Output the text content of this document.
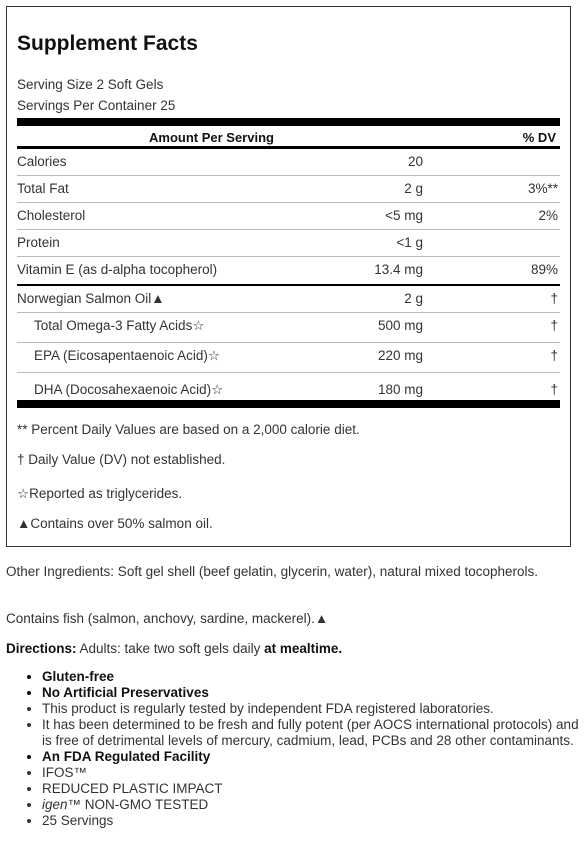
Supplement Facts
Serving Size 2 Soft Gels
Servings Per Container 25
Amount Per Serving	% DV
Calories	20
Total Fat	2 g	3%**
Cholesterol	<5 mg	2%
Protein	<1 g
Vitamin E (as d-alpha tocopherol)	13.4 mg	89%
Norwegian Salmon Oil▲	2 g	†
Total Omega-3 Fatty Acids☆	500 mg	†
EPA (Eicosapentaenoic Acid)☆	220 mg	†
DHA (Docosahexaenoic Acid)☆	180 mg	†
** Percent Daily Values are based on a 2,000 calorie diet.
† Daily Value (DV) not established.
☆Reported as triglycerides.
▲Contains over 50% salmon oil.
Other Ingredients: Soft gel shell (beef gelatin, glycerin, water), natural mixed tocopherols.
Contains fish (salmon, anchovy, sardine, mackerel).▲
Directions: Adults: take two soft gels daily at mealtime.
• Gluten-free
• No Artificial Preservatives
• This product is regularly tested by independent FDA registered laboratories.
• It has been determined to be fresh and fully potent (per AOCS international protocols) and is free of detrimental levels of mercury, cadmium, lead, PCBs and 28 other contaminants.
• An FDA Regulated Facility
• IFOS™
• REDUCED PLASTIC IMPACT
• igen™ NON-GMO TESTED
• 25 Servings
